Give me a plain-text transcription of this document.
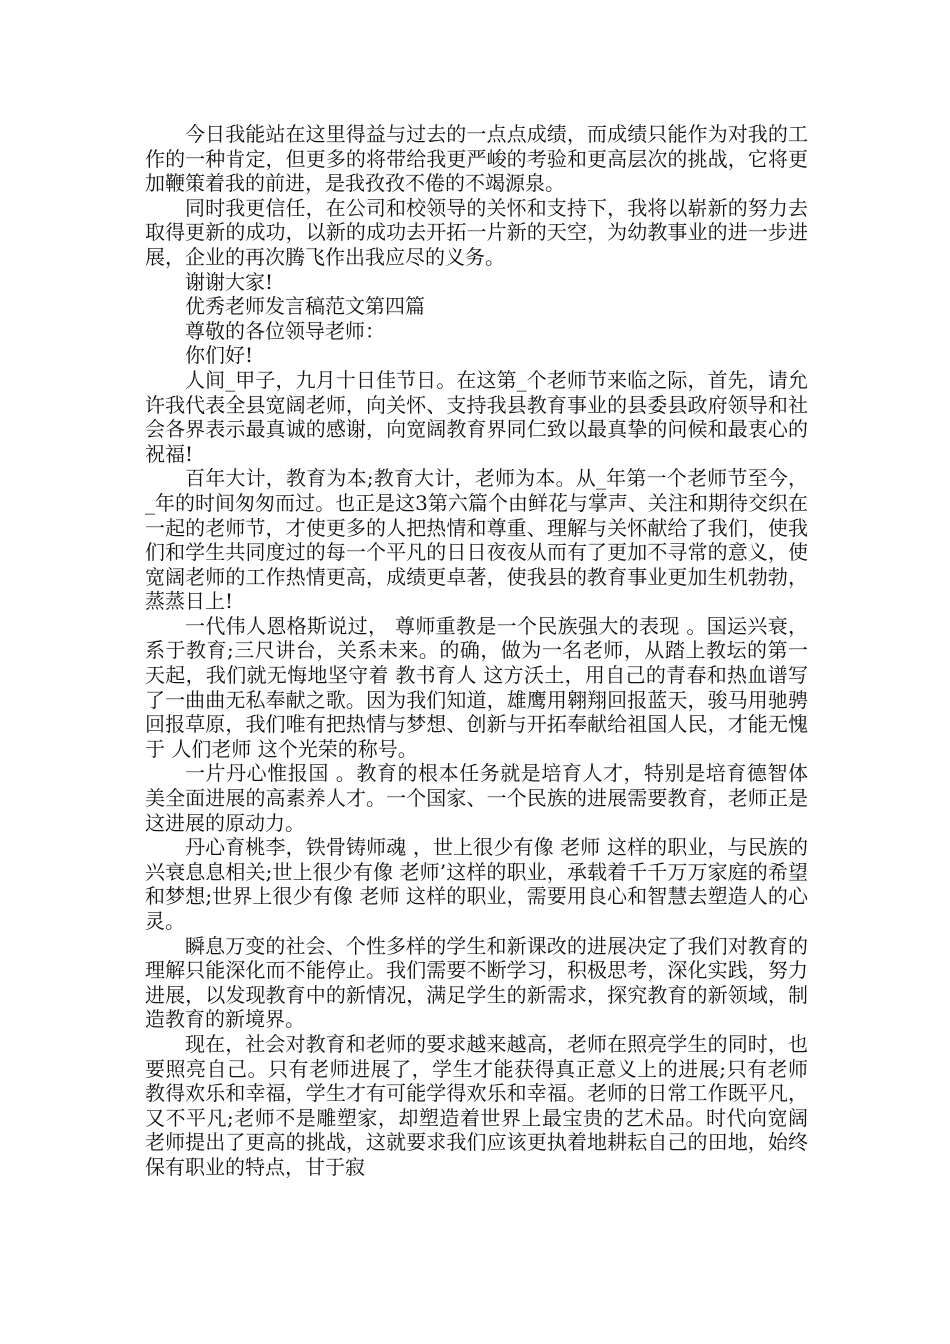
今日我能站在这里得益与过去的一点点成绩，而成绩只能作为对我的工作的一种肯定，但更多的将带给我更严峻的考验和更高层次的挑战，它将更加鞭策着我的前进，是我孜孜不倦的不竭源泉。

同时我更信任，在公司和校领导的关怀和支持下，我将以崭新的努力去取得更新的成功，以新的成功去开拓一片新的天空，为幼教事业的进一步进展，企业的再次腾飞作出我应尽的义务。

谢谢大家!

优秀老师发言稿范文第四篇

尊敬的各位领导老师：

你们好!

人间_甲子，九月十日佳节日。在这第_个老师节来临之际，首先，请允许我代表全县宽阔老师，向关怀、支持我县教育事业的县委县政府领导和社会各界表示最真诚的感谢，向宽阔教育界同仁致以最真挚的问候和最衷心的祝福!

百年大计，教育为本;教育大计，老师为本。从_年第一个老师节至今，_年的时间匆匆而过。也正是这3第六篇个由鲜花与掌声、关注和期待交织在一起的老师节，才使更多的人把热情和尊重、理解与关怀献给了我们，使我们和学生共同度过的每一个平凡的日日夜夜从而有了更加不寻常的意义，使宽阔老师的工作热情更高，成绩更卓著，使我县的教育事业更加生机勃勃，蒸蒸日上!

一代伟人恩格斯说过， 尊师重教是一个民族强大的表现 。国运兴衰，系于教育;三尺讲台，关系未来。的确，做为一名老师，从踏上教坛的第一天起，我们就无悔地坚守着 教书育人 这方沃土，用自己的青春和热血谱写了一曲曲无私奉献之歌。因为我们知道，雄鹰用翱翔回报蓝天，骏马用驰骋回报草原，我们唯有把热情与梦想、创新与开拓奉献给祖国人民，才能无愧于 人们老师 这个光荣的称号。

一片丹心惟报国 。教育的根本任务就是培育人才，特别是培育德智体美全面进展的高素养人才。一个国家、一个民族的进展需要教育，老师正是这进展的原动力。

丹心育桃李，铁骨铸师魂 ，世上很少有像 老师 这样的职业，与民族的兴衰息息相关;世上很少有像 老师’这样的职业，承载着千千万万家庭的希望和梦想;世界上很少有像 老师 这样的职业，需要用良心和智慧去塑造人的心灵。

瞬息万变的社会、个性多样的学生和新课改的进展决定了我们对教育的理解只能深化而不能停止。我们需要不断学习，积极思考，深化实践，努力进展，以发现教育中的新情况，满足学生的新需求，探究教育的新领域，制造教育的新境界。

现在，社会对教育和老师的要求越来越高，老师在照亮学生的同时，也要照亮自己。只有老师进展了，学生才能获得真正意义上的进展;只有老师教得欢乐和幸福，学生才有可能学得欢乐和幸福。老师的日常工作既平凡，又不平凡;老师不是雕塑家，却塑造着世界上最宝贵的艺术品。时代向宽阔老师提出了更高的挑战，这就要求我们应该更执着地耕耘自己的田地，始终保有职业的特点，甘于寂
